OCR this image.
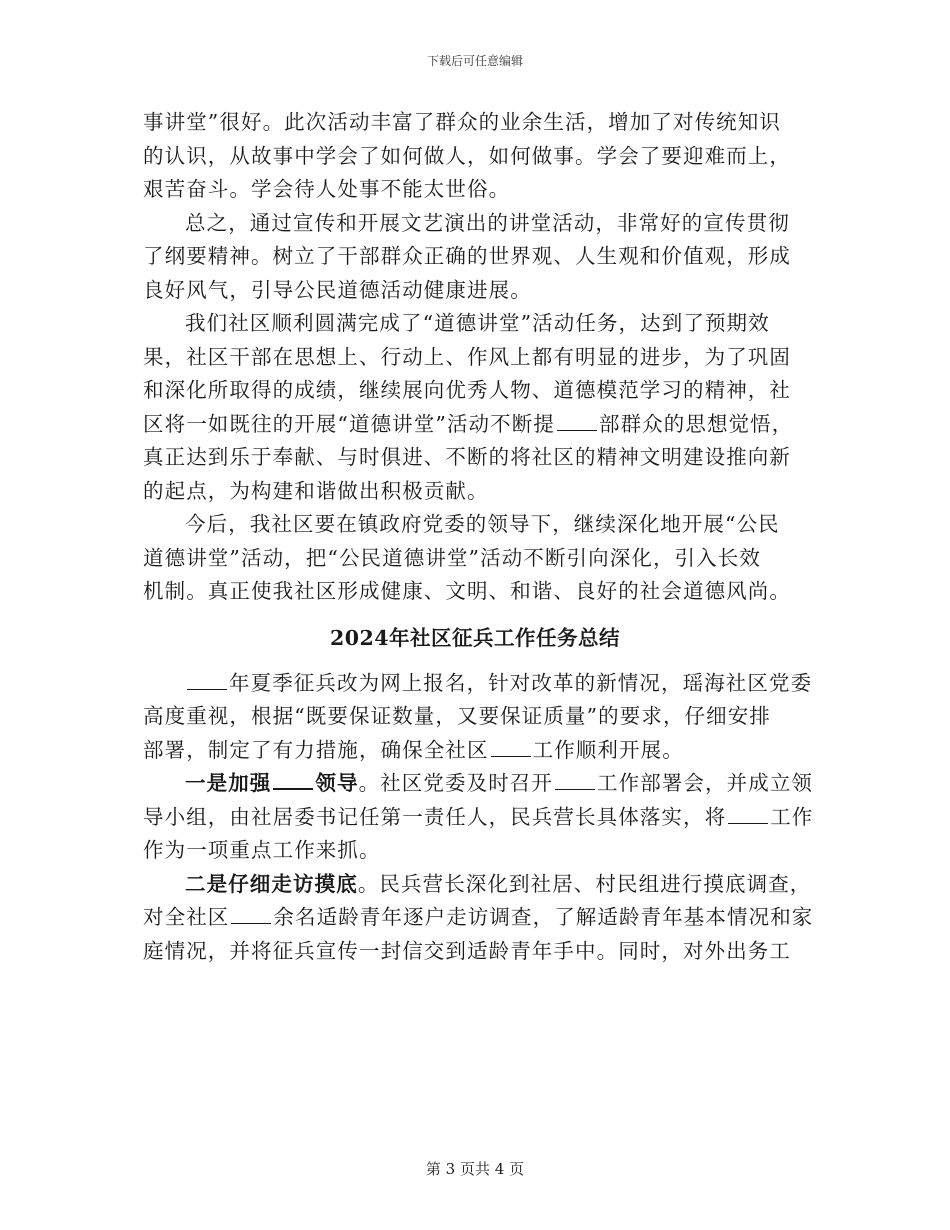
下载后可任意编辑
事讲堂”很好。此次活动丰富了群众的业余生活，增加了对传统知识
的认识，从故事中学会了如何做人，如何做事。学会了要迎难而上，
艰苦奋斗。学会待人处事不能太世俗。
总之，通过宣传和开展文艺演出的讲堂活动，非常好的宣传贯彻
了纲要精神。树立了干部群众正确的世界观、人生观和价值观，形成
良好风气，引导公民道德活动健康进展。
我们社区顺利圆满完成了“道德讲堂”活动任务，达到了预期效
果，社区干部在思想上、行动上、作风上都有明显的进步，为了巩固
和深化所取得的成绩，继续展向优秀人物、道德模范学习的精神，社
区将一如既往的开展“道德讲堂”活动不断提 部群众的思想觉悟，
真正达到乐于奉献、与时俱进、不断的将社区的精神文明建设推向新
的起点，为构建和谐做出积极贡献。
今后，我社区要在镇政府党委的领导下，继续深化地开展“公民
道德讲堂”活动，把“公民道德讲堂”活动不断引向深化，引入长效
机制。真正使我社区形成健康、文明、和谐、良好的社会道德风尚。
2024年社区征兵工作任务总结
年夏季征兵改为网上报名，针对改革的新情况，瑶海社区党委
高度重视，根据“既要保证数量，又要保证质量”的要求，仔细安排
部署，制定了有力措施，确保全社区 工作顺利开展。
一是加强 领导。社区党委及时召开 工作部署会，并成立领
导小组，由社居委书记任第一责任人，民兵营长具体落实，将 工作
作为一项重点工作来抓。
二是仔细走访摸底。民兵营长深化到社居、村民组进行摸底调查，
对全社区 余名适龄青年逐户走访调查，了解适龄青年基本情况和家
庭情况，并将征兵宣传一封信交到适龄青年手中。同时，对外出务工
第 3 页共 4 页
